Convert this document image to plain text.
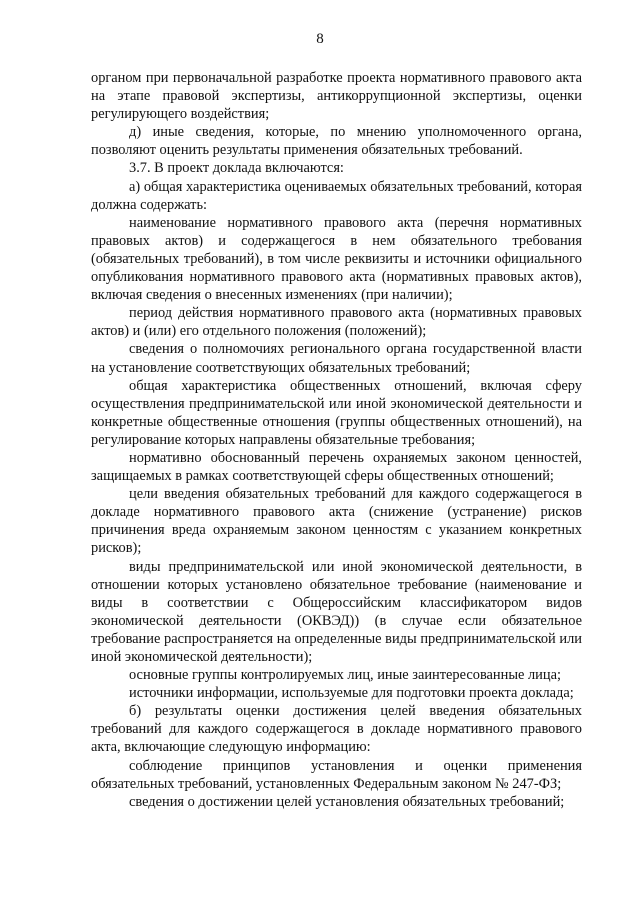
8

органом при первоначальной разработке проекта нормативного правового акта на этапе правовой экспертизы, антикоррупционной экспертизы, оценки регулирующего воздействия;

д) иные сведения, которые, по мнению уполномоченного органа, позволяют оценить результаты применения обязательных требований.

3.7. В проект доклада включаются:

а) общая характеристика оцениваемых обязательных требований, которая должна содержать:

наименование нормативного правового акта (перечня нормативных правовых актов) и содержащегося в нем обязательного требования (обязательных требований), в том числе реквизиты и источники официального опубликования нормативного правового акта (нормативных правовых актов), включая сведения о внесенных изменениях (при наличии);

период действия нормативного правового акта (нормативных правовых актов) и (или) его отдельного положения (положений);

сведения о полномочиях регионального органа государственной власти на установление соответствующих обязательных требований;

общая характеристика общественных отношений, включая сферу осуществления предпринимательской или иной экономической деятельности и конкретные общественные отношения (группы общественных отношений), на регулирование которых направлены обязательные требования;

нормативно обоснованный перечень охраняемых законом ценностей, защищаемых в рамках соответствующей сферы общественных отношений;

цели введения обязательных требований для каждого содержащегося в докладе нормативного правового акта (снижение (устранение) рисков причинения вреда охраняемым законом ценностям с указанием конкретных рисков);

виды предпринимательской или иной экономической деятельности, в отношении которых установлено обязательное требование (наименование и виды в соответствии с Общероссийским классификатором видов экономической деятельности (ОКВЭД)) (в случае если обязательное требование распространяется на определенные виды предпринимательской или иной экономической деятельности);

основные группы контролируемых лиц, иные заинтересованные лица;

источники информации, используемые для подготовки проекта доклада;

б) результаты оценки достижения целей введения обязательных требований для каждого содержащегося в докладе нормативного правового акта, включающие следующую информацию:

соблюдение принципов установления и оценки применения обязательных требований, установленных Федеральным законом № 247-ФЗ;

сведения о достижении целей установления обязательных требований;
